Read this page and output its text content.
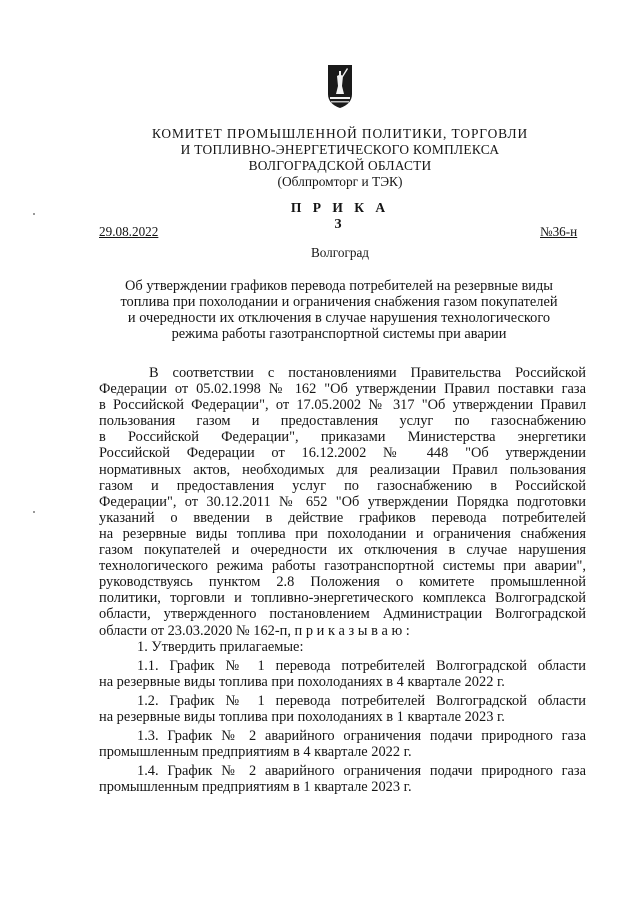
КОМИТЕТ ПРОМЫШЛЕННОЙ ПОЛИТИКИ, ТОРГОВЛИ
И ТОПЛИВНО-ЭНЕРГЕТИЧЕСКОГО КОМПЛЕКСА
ВОЛГОГРАДСКОЙ ОБЛАСТИ
(Облпромторг и ТЭК)
П Р И К А З
29.08.2022	№36-н
Волгоград
Об утверждении графиков перевода потребителей на резервные виды
топлива при похолодании и ограничения снабжения газом покупателей
и очередности их отключения в случае нарушения технологического
режима работы газотранспортной системы при аварии
В соответствии с постановлениями Правительства Российской
Федерации от 05.02.1998 № 162 "Об утверждении Правил поставки газа
в Российской Федерации", от 17.05.2002 № 317 "Об утверждении Правил
пользования газом и предоставления услуг по газоснабжению
в Российской Федерации", приказами Министерства энергетики
Российской Федерации от 16.12.2002 № 448 "Об утверждении
нормативных актов, необходимых для реализации Правил пользования
газом и предоставления услуг по газоснабжению в Российской
Федерации", от 30.12.2011 № 652 "Об утверждении Порядка подготовки
указаний о введении в действие графиков перевода потребителей
на резервные виды топлива при похолодании и ограничения снабжения
газом покупателей и очередности их отключения в случае нарушения
технологического режима работы газотранспортной системы при аварии",
руководствуясь пунктом 2.8 Положения о комитете промышленной
политики, торговли и топливно-энергетического комплекса Волгоградской
области, утвержденного постановлением Администрации Волгоградской
области от 23.03.2020 № 162-п, п р и к а з ы в а ю :
1. Утвердить прилагаемые:
1.1. График № 1 перевода потребителей Волгоградской области
на резервные виды топлива при похолоданиях в 4 квартале 2022 г.
1.2. График № 1 перевода потребителей Волгоградской области
на резервные виды топлива при похолоданиях в 1 квартале 2023 г.
1.3. График № 2 аварийного ограничения подачи природного газа
промышленным предприятиям в 4 квартале 2022 г.
1.4. График № 2 аварийного ограничения подачи природного газа
промышленным предприятиям в 1 квартале 2023 г.
